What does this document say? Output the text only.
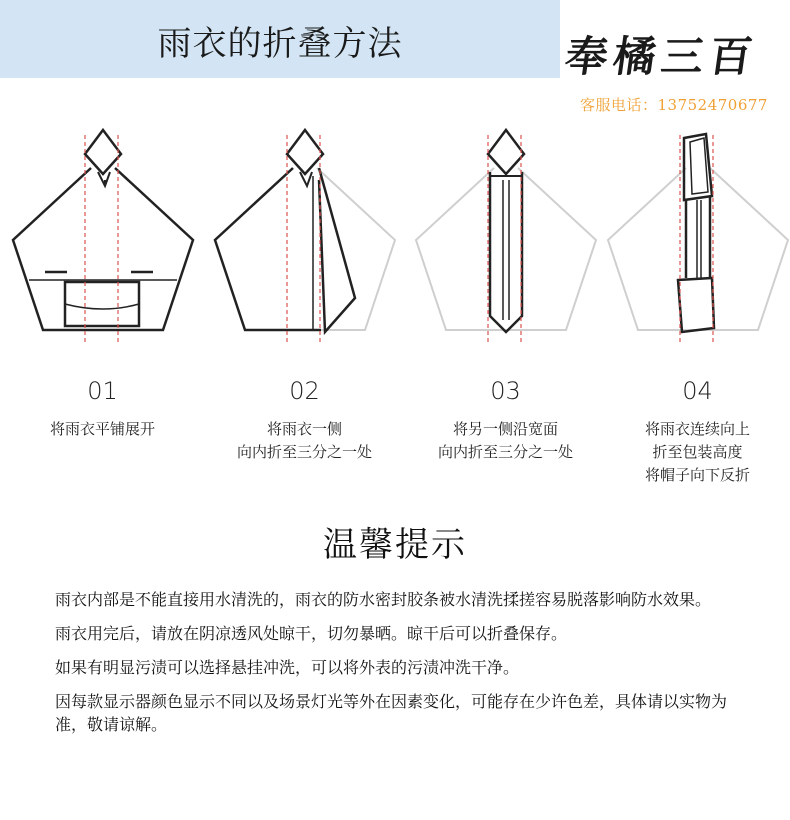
雨衣的折叠方法	奉橘三百
客服电话：13752470677
01
将雨衣平铺展开
02
将雨衣一侧
向内折至三分之一处
03
将另一侧沿宽面
向内折至三分之一处
04
将雨衣连续向上
折至包装高度
将帽子向下反折
温馨提示

雨衣内部是不能直接用水清洗的，雨衣的防水密封胶条被水清洗揉搓容易脱落影响防水效果。

雨衣用完后，请放在阴凉透风处晾干，切勿暴晒。晾干后可以折叠保存。

如果有明显污渍可以选择悬挂冲洗，可以将外表的污渍冲洗干净。

因每款显示器颜色显示不同以及场景灯光等外在因素变化，可能存在少许色差，具体请以实物为准，敬请谅解。
